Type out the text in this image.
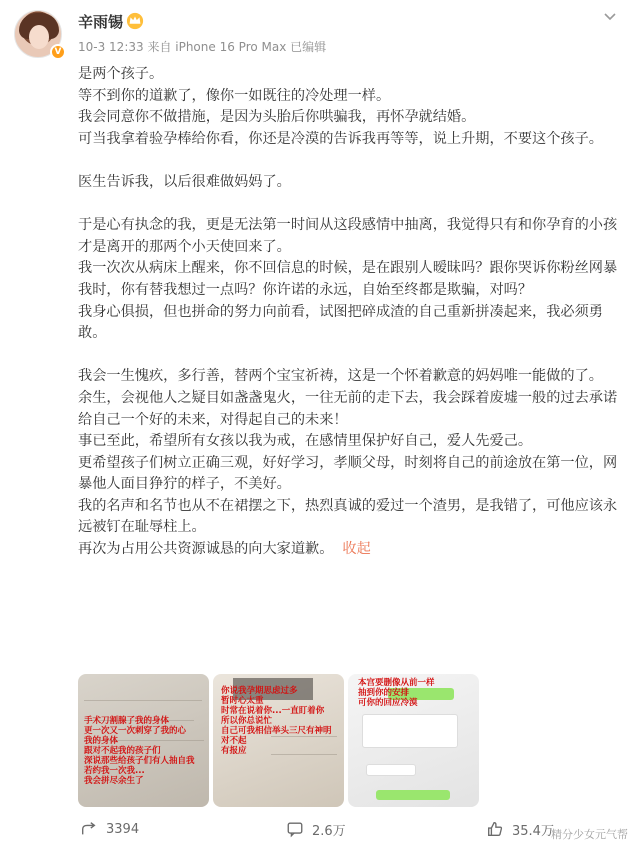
V
辛雨锡
10-3 12:33 来自 iPhone 16 Pro Max 已编辑

是两个孩子。

等不到你的道歉了，像你一如既往的冷处理一样。

我会同意你不做措施，是因为头胎后你哄骗我，再怀孕就结婚。

可当我拿着验孕棒给你看，你还是冷漠的告诉我再等等，说上升期，不要这个孩子。

医生告诉我，以后很难做妈妈了。

于是心有执念的我，更是无法第一时间从这段感情中抽离，我觉得只有和你孕育的小孩才是离开的那两个小天使回来了。

我一次次从病床上醒来，你不回信息的时候，是在跟别人暧昧吗？跟你哭诉你粉丝网暴我时，你有替我想过一点吗？你许诺的永远，自始至终都是欺骗，对吗？

我身心俱损，但也拼命的努力向前看，试图把碎成渣的自己重新拼凑起来，我必须勇敢。

我会一生愧疚，多行善，替两个宝宝祈祷，这是一个怀着歉意的妈妈唯一能做的了。

余生，会视他人之疑目如盏盏鬼火，一往无前的走下去，我会踩着废墟一般的过去承诺给自己一个好的未来，对得起自己的未来！

事已至此，希望所有女孩以我为戒，在感情里保护好自己，爱人先爱己。

更希望孩子们树立正确三观，好好学习，孝顺父母，时刻将自己的前途放在第一位，网暴他人面目狰狞的样子，不美好。

我的名声和名节也从不在裙摆之下，热烈真诚的爱过一个渣男，是我错了，可他应该永远被钉在耻辱柱上。

再次为占用公共资源诚恳的向大家道歉。 收起

手术刀割腺了我的身体
更一次又一次刺穿了我的心
我的身体
跟对不起我的孩子们
深说那些给孩子们有人抽自我
若约我一次我...
我会拼尽余生了
你说我孕期思虑过多
暂时心太重
时常在说着你...一直盯着你
所以你总说忙
自己可我相信举头三尺有神明
对不起
有报应
本宫要删像从前一样
抽到你的安排
可你的回应冷漠
3394	2.6万	35.4万
精分少女元气帮
